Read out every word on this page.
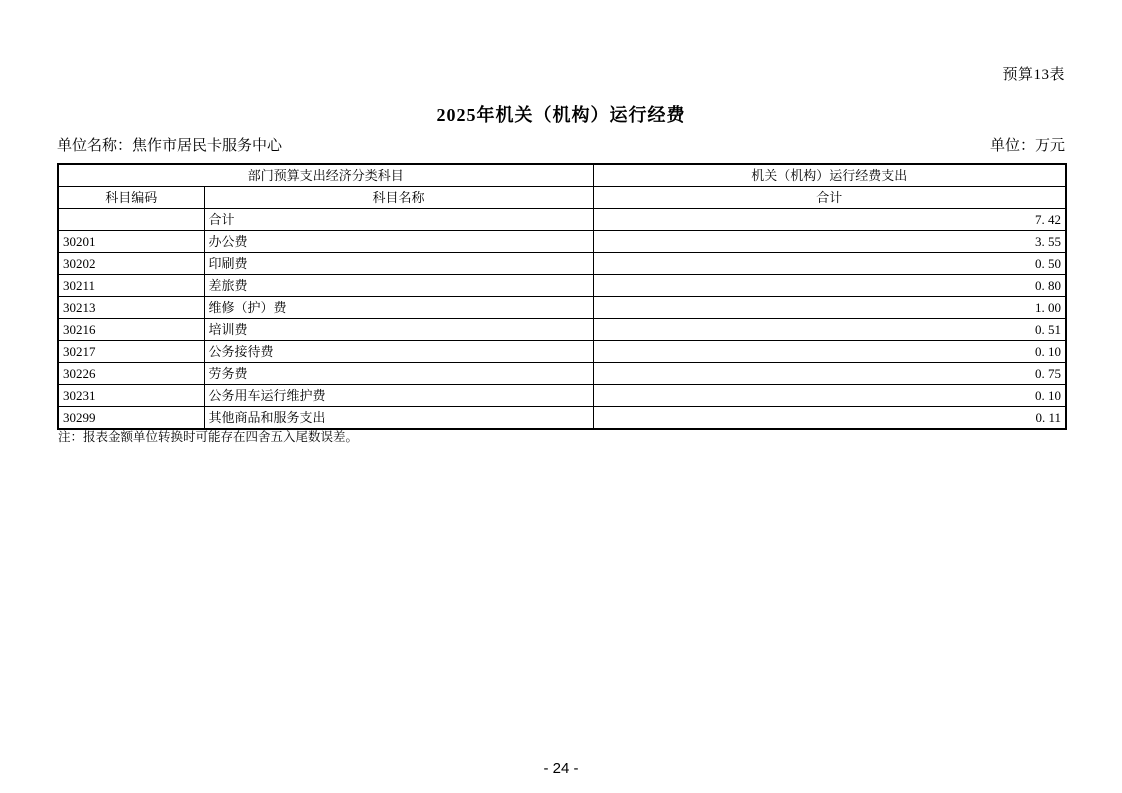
预算13表
2025年机关（机构）运行经费
单位名称：焦作市居民卡服务中心	单位：万元
部门预算支出经济分类科目		机关（机构）运行经费支出
科目编码	科目名称	合计
	合计	7. 42
30201	办公费	3. 55
30202	印刷费	0. 50
30211	差旅费	0. 80
30213	维修（护）费	1. 00
30216	培训费	0. 51
30217	公务接待费	0. 10
30226	劳务费	0. 75
30231	公务用车运行维护费	0. 10
30299	其他商品和服务支出	0. 11
注：报表金额单位转换时可能存在四舍五入尾数误差。
- 24 -
